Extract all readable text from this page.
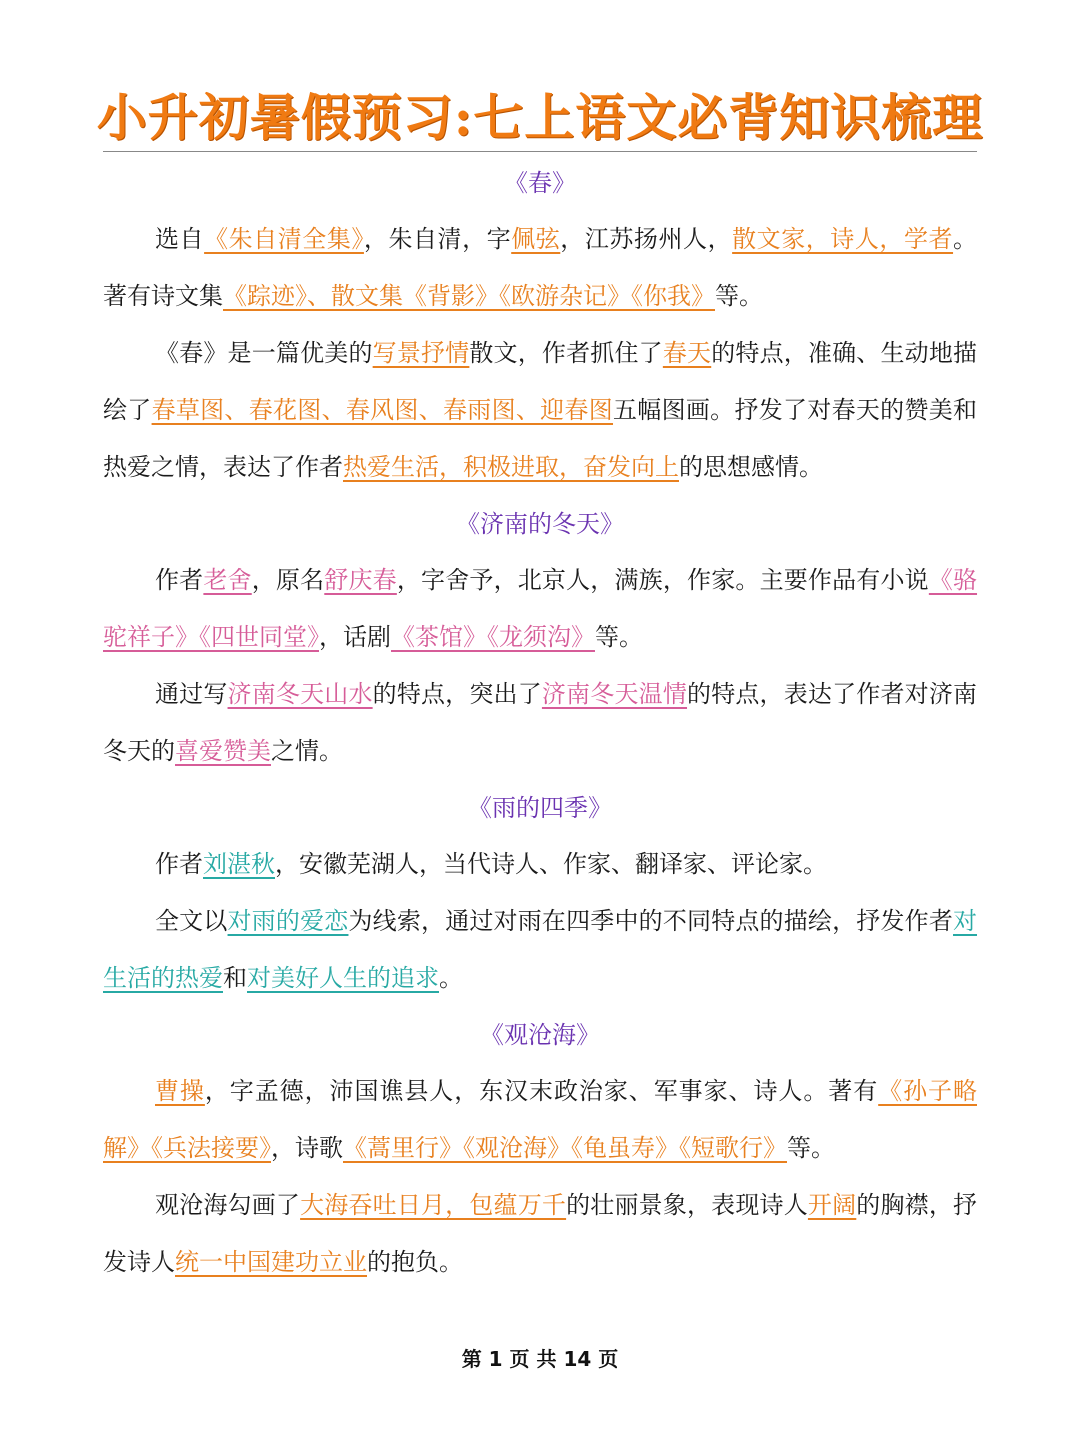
小升初暑假预习:七上语文必背知识梳理
《春》

选自《朱自清全集》，朱自清，字佩弦，江苏扬州人，散文家，诗人，学者。著有诗文集《踪迹》、散文集《背影》《欧游杂记》《你我》等。

《春》是一篇优美的写景抒情散文，作者抓住了春天的特点，准确、生动地描绘了春草图、春花图、春风图、春雨图、迎春图五幅图画。抒发了对春天的赞美和热爱之情，表达了作者热爱生活，积极进取，奋发向上的思想感情。

《济南的冬天》

作者老舍，原名舒庆春，字舍予，北京人，满族，作家。主要作品有小说《骆驼祥子》《四世同堂》，话剧《茶馆》《龙须沟》等。

通过写济南冬天山水的特点，突出了济南冬天温情的特点，表达了作者对济南冬天的喜爱赞美之情。

《雨的四季》

作者刘湛秋，安徽芜湖人，当代诗人、作家、翻译家、评论家。

全文以对雨的爱恋为线索，通过对雨在四季中的不同特点的描绘，抒发作者对生活的热爱和对美好人生的追求。

《观沧海》

曹操，字孟德，沛国谯县人，东汉末政治家、军事家、诗人。著有《孙子略解》《兵法接要》，诗歌《蒿里行》《观沧海》《龟虽寿》《短歌行》等。

观沧海勾画了大海吞吐日月，包蕴万千的壮丽景象，表现诗人开阔的胸襟，抒发诗人统一中国建功立业的抱负。

第 1 页 共 14 页
